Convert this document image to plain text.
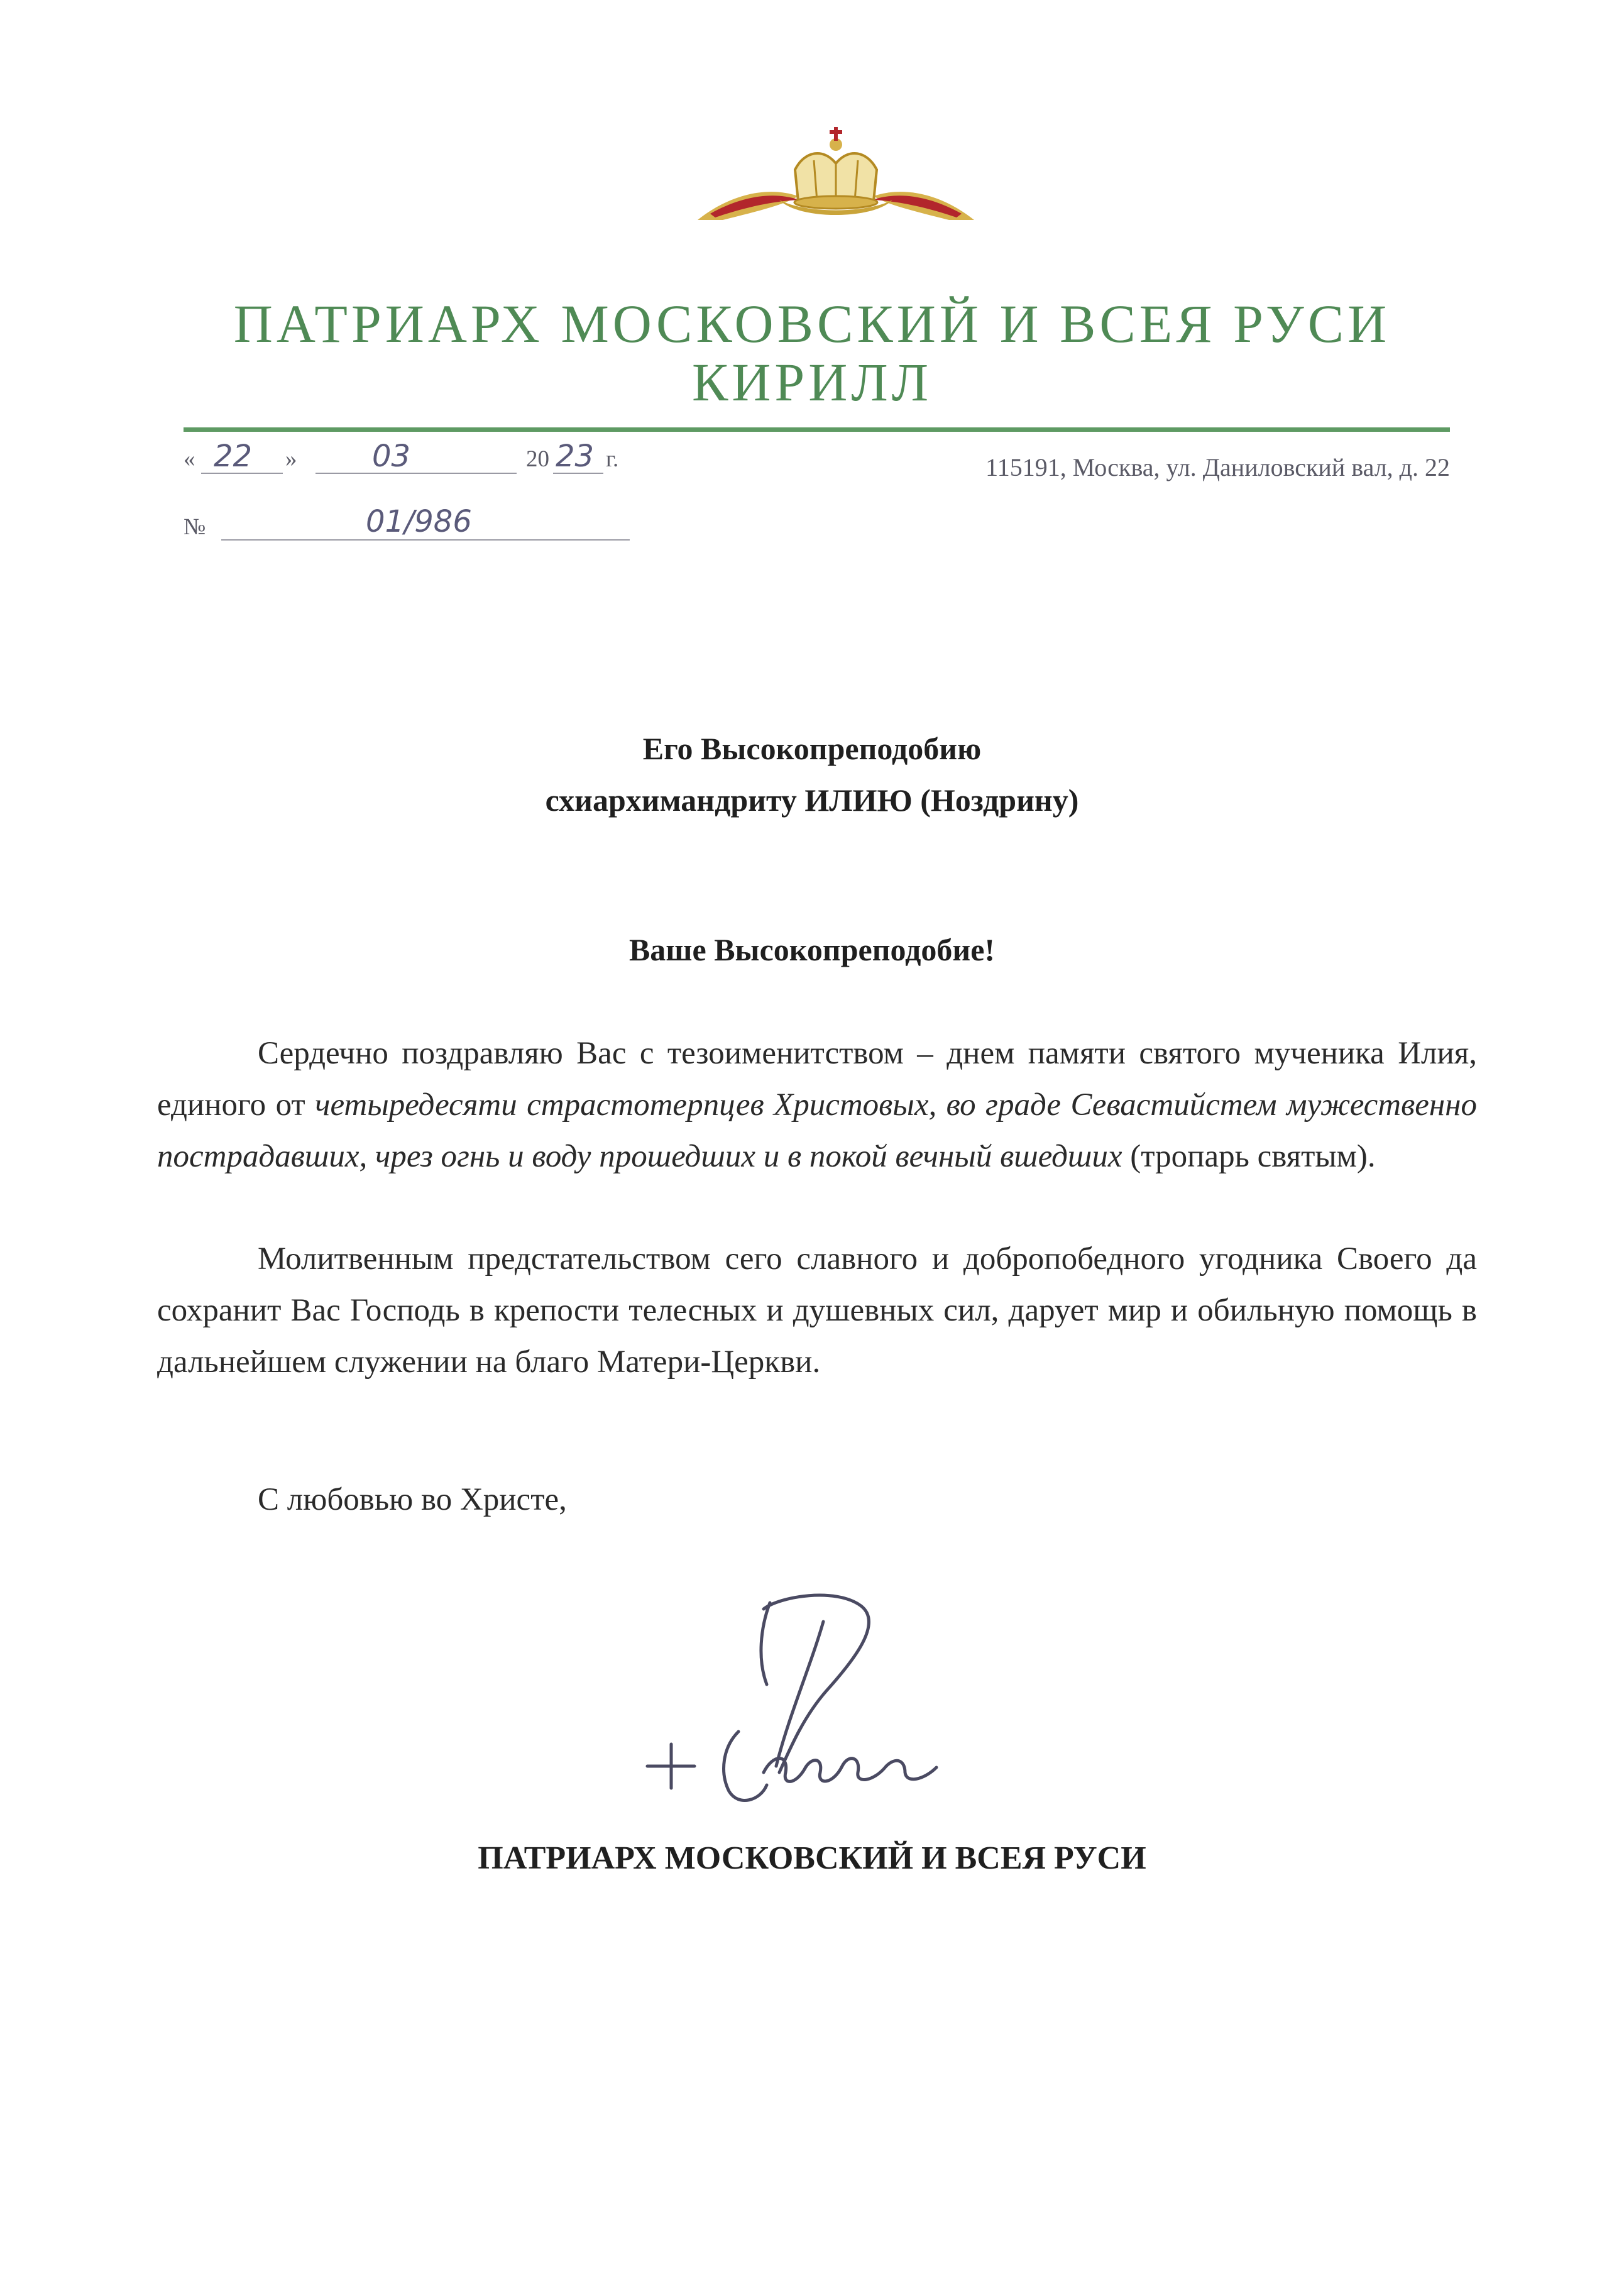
ПАТРИАРХ МОСКОВСКИЙ И ВСЕЯ РУСИ
КИРИЛЛ
« 22 » 03	20 23 г.	115191, Москва, ул. Даниловский вал, д. 22
№	01/986
Его Высокопреподобию
схиархимандриту ИЛИЮ (Ноздрину)
Ваше Высокопреподобие!
Сердечно поздравляю Вас с тезоименитством – днем памяти святого мученика Илия, единого от четыредесяти страстотерпцев Христовых, во граде Севастийстем мужественно пострадавших, чрез огнь и воду прошедших и в покой вечный вшедших (тропарь святым).
Молитвенным предстательством сего славного и добропобедного угодника Своего да сохранит Вас Господь в крепости телесных и душевных сил, дарует мир и обильную помощь в дальнейшем служении на благо Матери-Церкви.
С любовью во Христе,
ПАТРИАРХ МОСКОВСКИЙ И ВСЕЯ РУСИ
